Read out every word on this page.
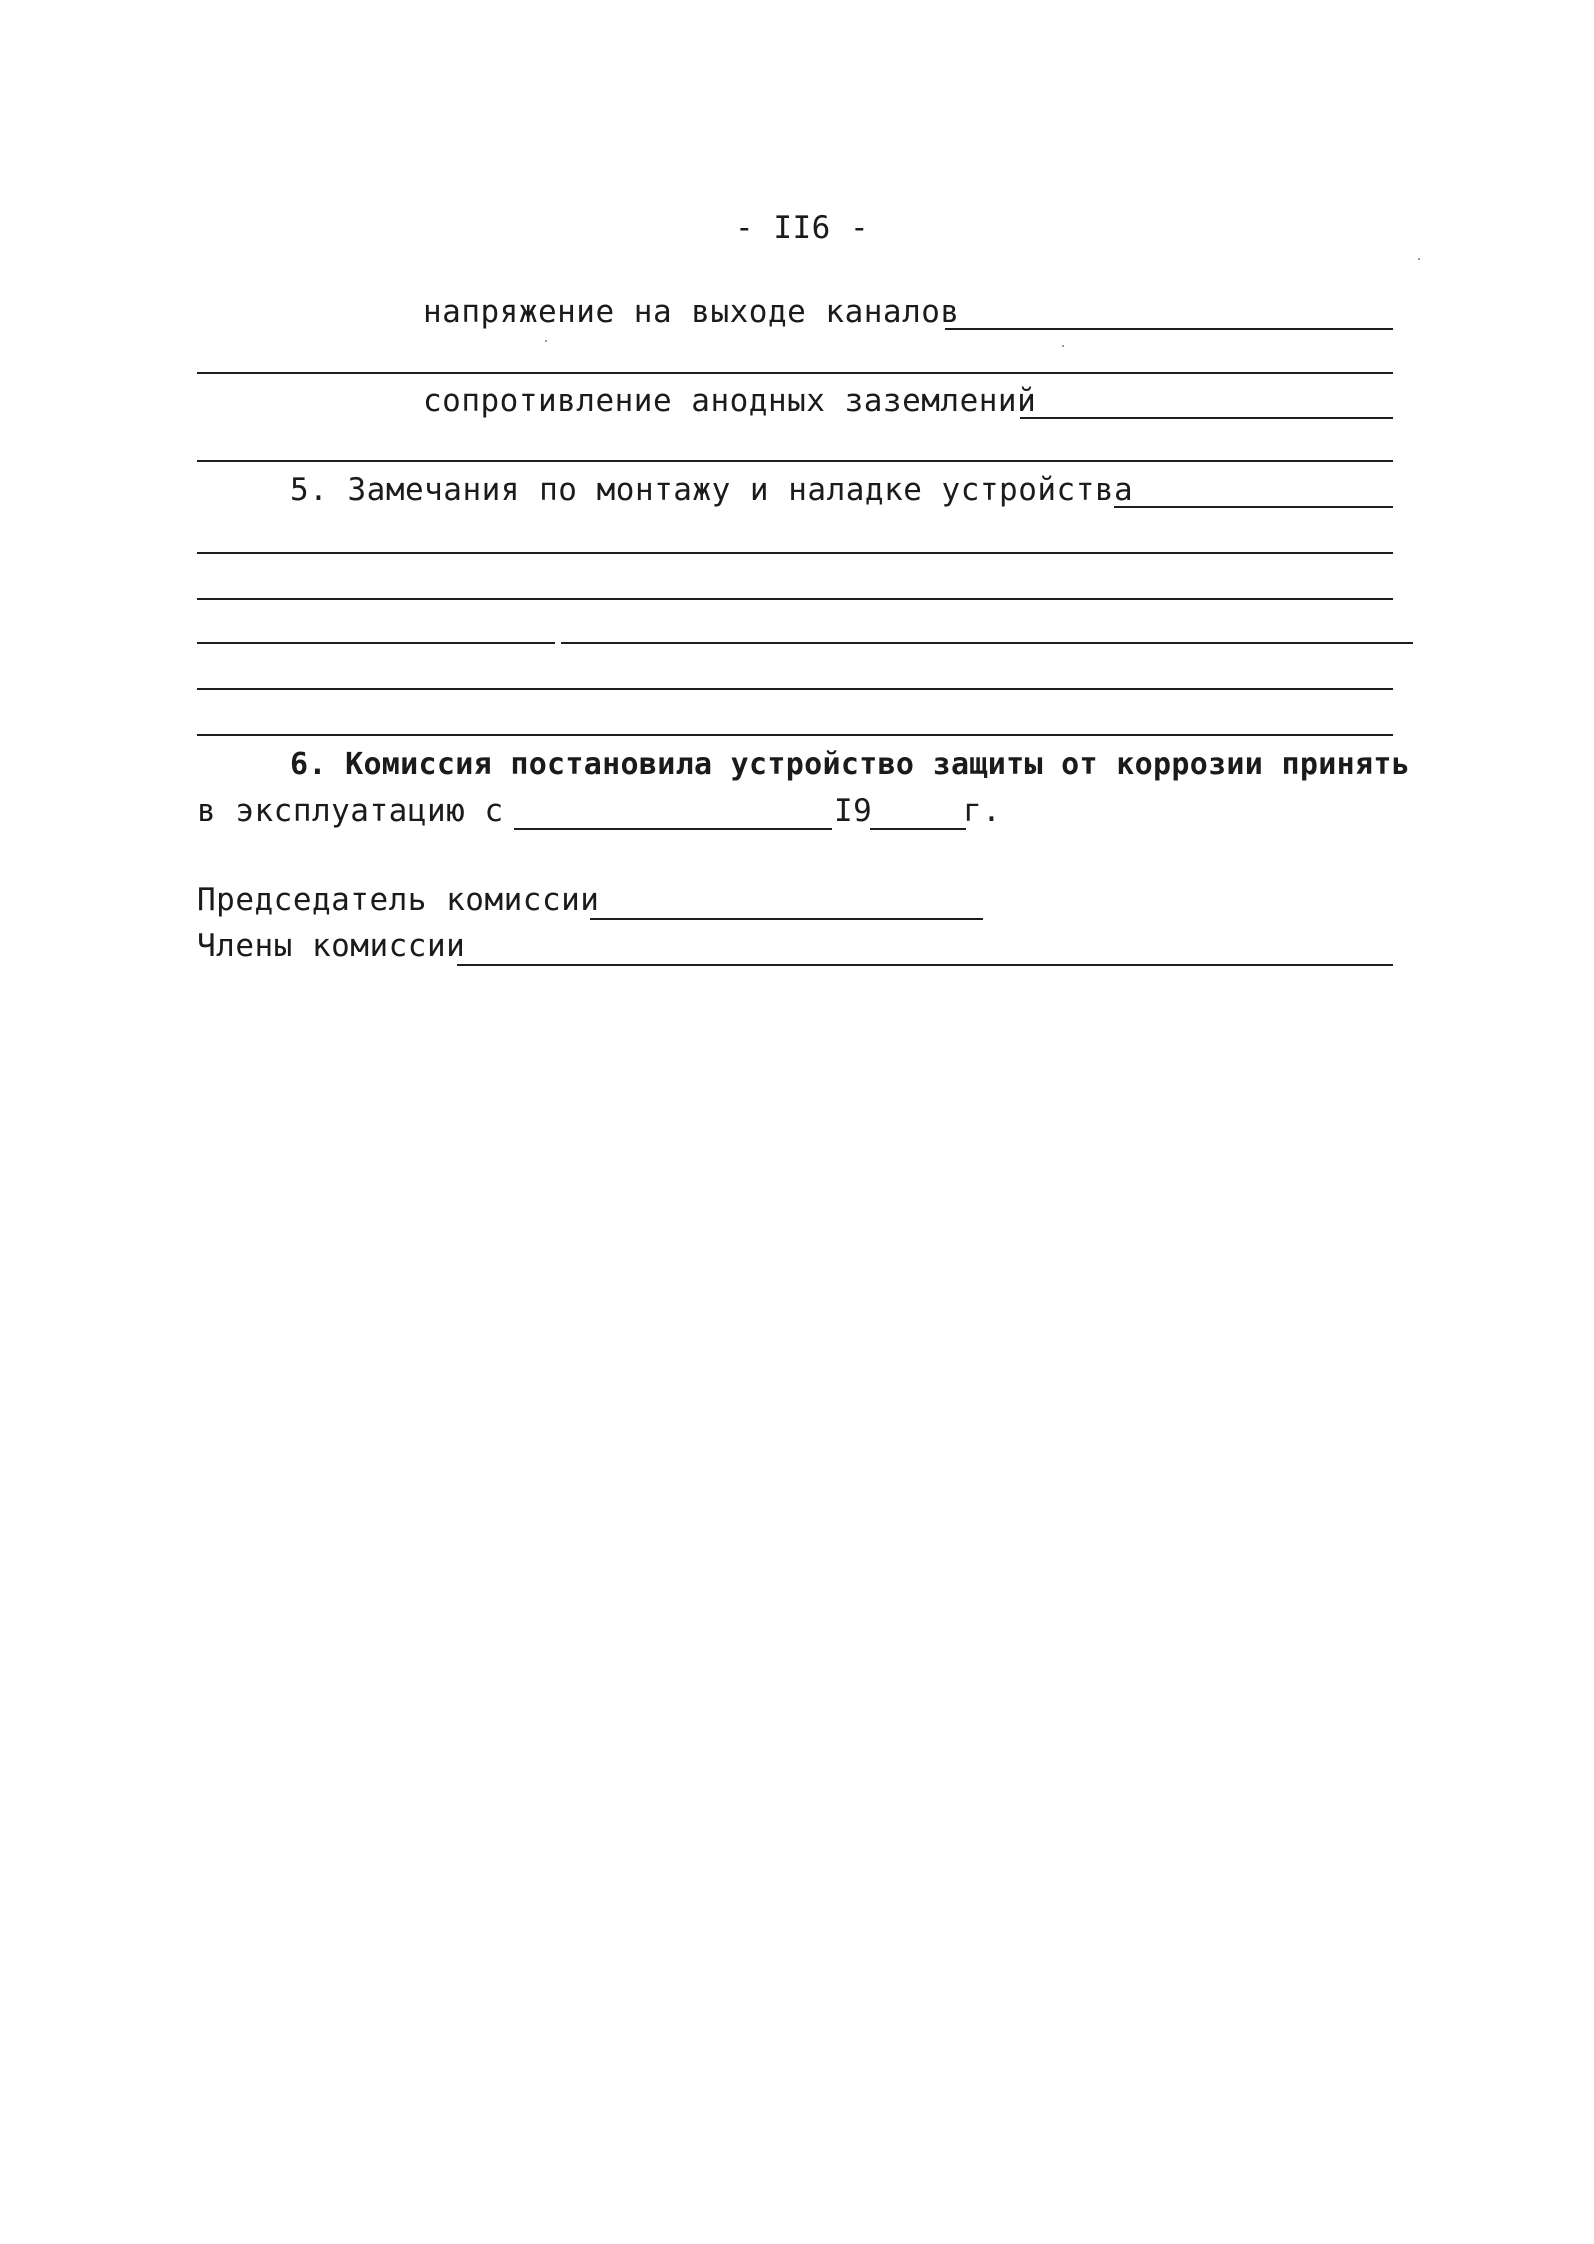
- II6 -
напряжение на выходе каналов
сопротивление анодных заземлений
5. Замечания по монтажу и наладке устройства
6. Комиссия постановила устройство защиты от коррозии принять
в эксплуатацию с	I9	г.
Председатель комиссии
Члены комиссии
